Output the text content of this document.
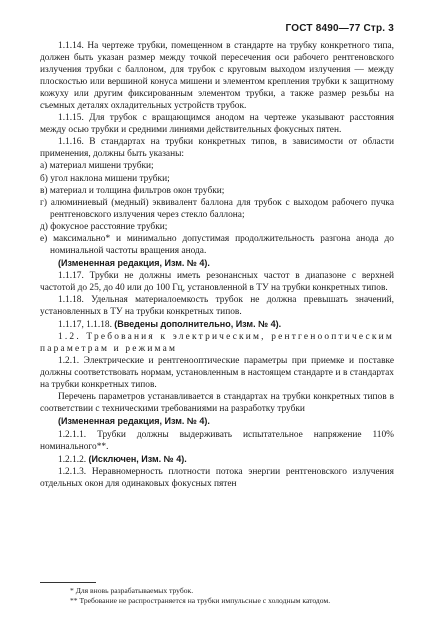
ГОСТ 8490—77 Стр. 3

1.1.14. На чертеже трубки, помещенном в стандарте на трубку конкретного типа, должен быть указан размер между точкой пересечения оси рабочего рентгеновского излучения трубки с баллоном, для трубок с круговым выходом излучения — между плоскостью или вершиной конуса мишени и элементом крепления трубки к защитному кожуху или другим фиксированным элементом трубки, а также размер резьбы на съемных деталях охладительных устройств трубок.

1.1.15. Для трубок с вращающимся анодом на чертеже указывают расстояния между осью трубки и средними линиями действительных фокусных пятен.

1.1.16. В стандартах на трубки конкретных типов, в зависимости от области применения, должны быть указаны:

а) материал мишени трубки;

б) угол наклона мишени трубки;

в) материал и толщина фильтров окон трубки;

г) алюминиевый (медный) эквивалент баллона для трубок с выходом рабочего пучка рентгеновского излучения через стекло баллона;

д) фокусное расстояние трубки;

е) максимально* и минимально допустимая продолжительность разгона анода до номинальной частоты вращения анода.

(Измененная редакция, Изм. № 4).

1.1.17. Трубки не должны иметь резонансных частот в диапазоне с верхней частотой до 25, до 40 или до 100 Гц, установленной в ТУ на трубки конкретных типов.

1.1.18. Удельная материалоемкость трубок не должна превышать значений, установленных в ТУ на трубки конкретных типов.

1.1.17, 1.1.18. (Введены дополнительно, Изм. № 4).

1.2. Требования к электрическим, рентгенооптическим параметрам и режимам

1.2.1. Электрические и рентгенооптические параметры при приемке и поставке должны соответствовать нормам, установленным в настоящем стандарте и в стандартах на трубки конкретных типов.

Перечень параметров устанавливается в стандартах на трубки конкретных типов в соответствии с техническими требованиями на разработку трубки

(Измененная редакция, Изм. № 4).

1.2.1.1. Трубки должны выдерживать испытательное напряжение 110% номинального**.

1.2.1.2. (Исключен, Изм. № 4).

1.2.1.3. Неравномерность плотности потока энергии рентгеновского излучения отдельных окон для одинаковых фокусных пятен

* Для вновь разрабатываемых трубок.

** Требование не распространяется на трубки импульсные с холодным катодом.
